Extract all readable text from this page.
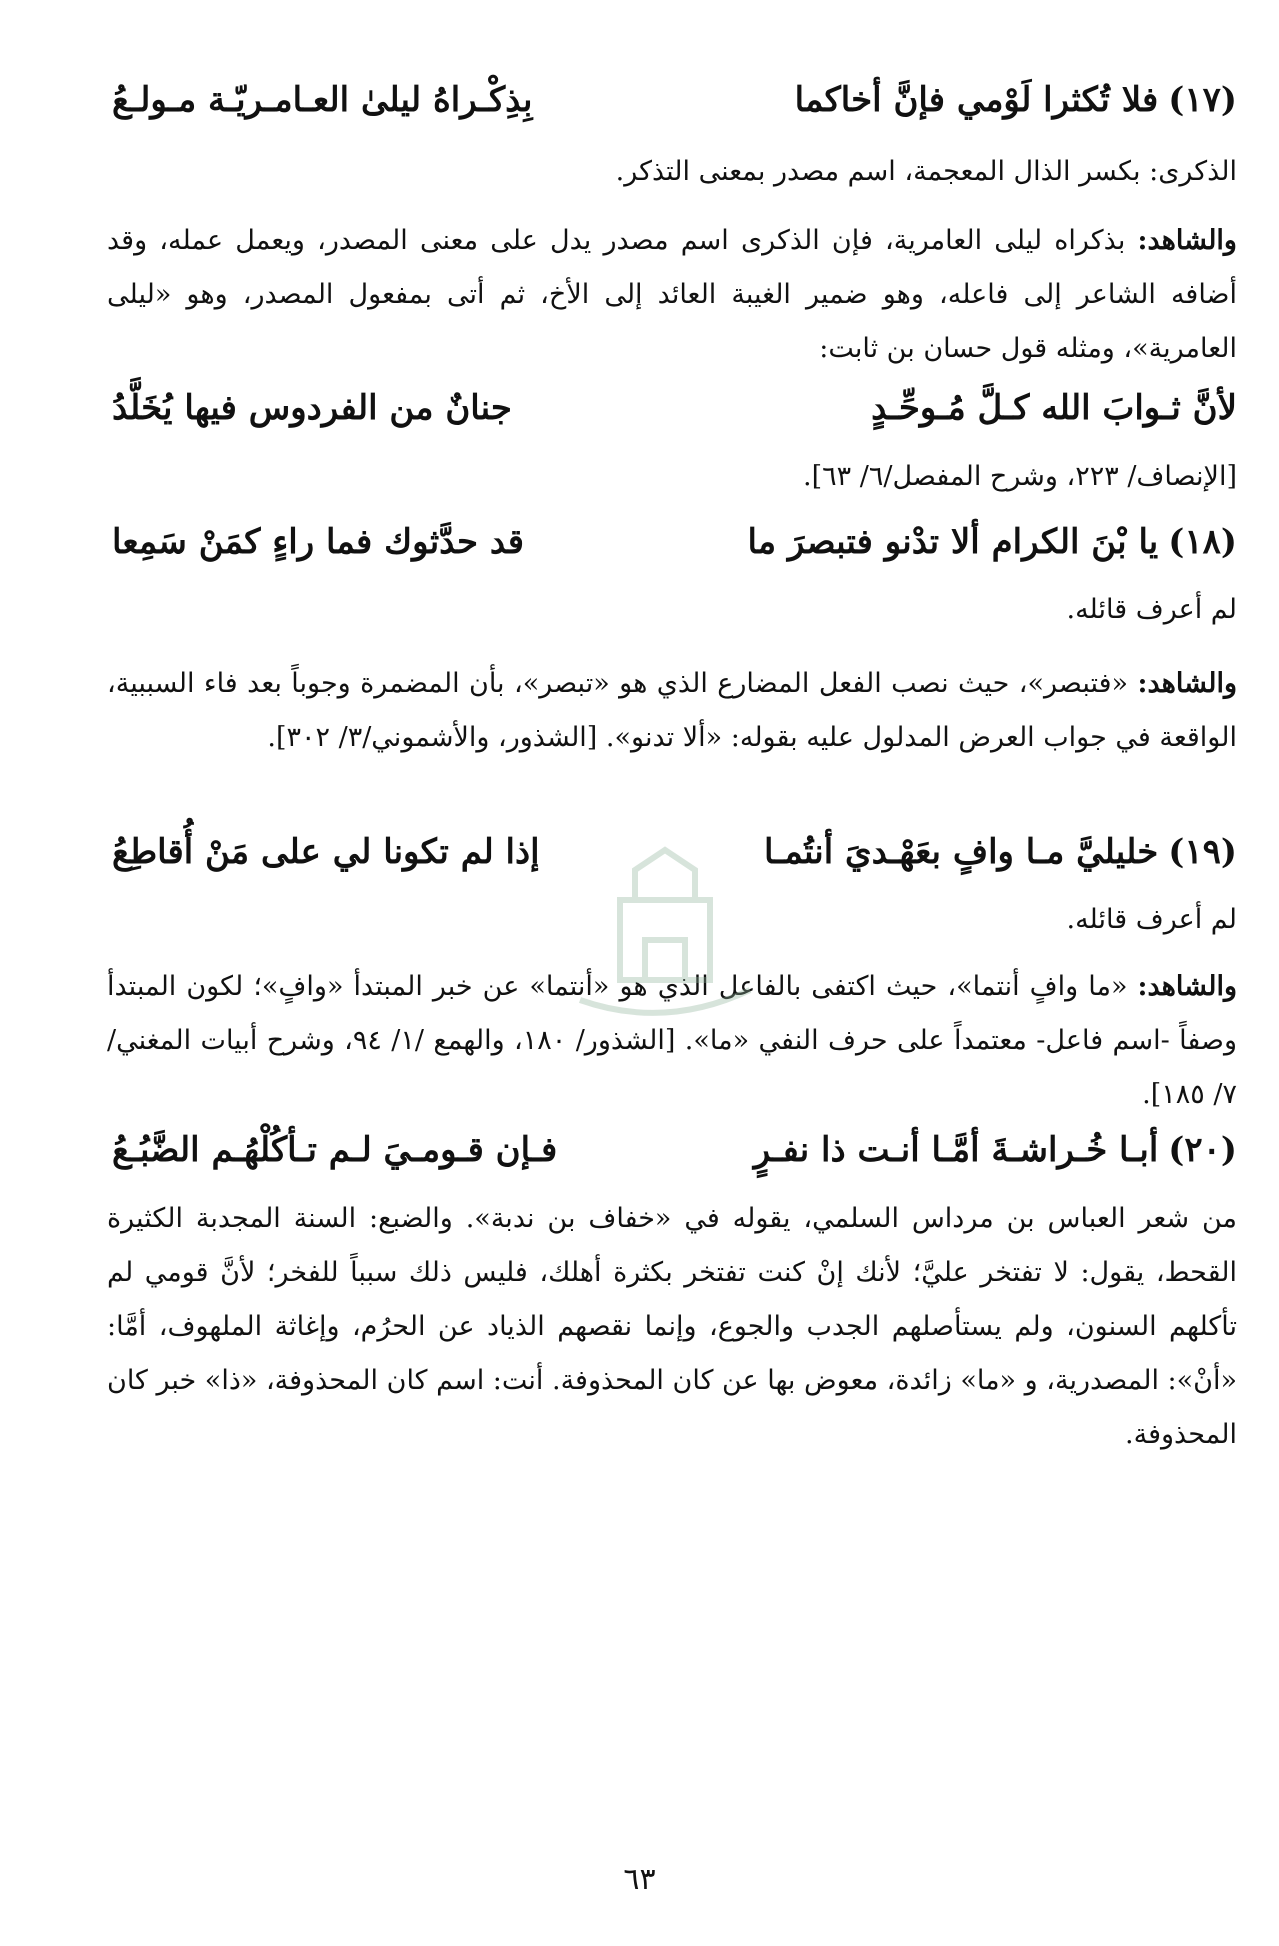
(١٧)
فلا تُكثرا لَوْمي فإنَّ أخاكما
بِذِكْـراهُ ليلىٰ العـامـريّـة مـولـعُ
الذكرى: بكسر الذال المعجمة، اسم مصدر بمعنى التذكر.
والشاهد: بذكراه ليلى العامرية، فإن الذكرى اسم مصدر يدل على معنى المصدر، ويعمل عمله، وقد أضافه الشاعر إلى فاعله، وهو ضمير الغيبة العائد إلى الأخ، ثم أتى بمفعول المصدر، وهو «ليلى العامرية»، ومثله قول حسان بن ثابت:
لأنَّ ثـوابَ الله كـلَّ مُـوحِّـدٍ
جنانٌ من الفردوس فيها يُخَلَّدُ
[الإنصاف/ ٢٢٣، وشرح المفصل/٦/ ٦٣].
(١٨)
يا بْنَ الكرام ألا تدْنو فتبصرَ ما
قد حدَّثوك فما راءٍ كمَنْ سَمِعا
لم أعرف قائله.
والشاهد: «فتبصر»، حيث نصب الفعل المضارع الذي هو «تبصر»، بأن المضمرة وجوباً بعد فاء السببية، الواقعة في جواب العرض المدلول عليه بقوله: «ألا تدنو». [الشذور، والأشموني/٣/ ٣٠٢].
(١٩)
خليليَّ مـا وافٍ بعَهْـديَ أنتُمـا
إذا لم تكونا لي على مَنْ أُقاطِعُ
لم أعرف قائله.
والشاهد: «ما وافٍ أنتما»، حيث اكتفى بالفاعل الذي هو «أنتما» عن خبر المبتدأ «وافٍ»؛ لكون المبتدأ وصفاً -اسم فاعل- معتمداً على حرف النفي «ما». [الشذور/ ١٨٠، والهمع /١/ ٩٤، وشرح أبيات المغني/٧/ ١٨٥].
(٢٠)
أبـا خُـراشـةَ أمَّـا أنـت ذا نفـرٍ
فـإن قـومـيَ لـم تـأكُلْهُـم الضَّبُـعُ
من شعر العباس بن مرداس السلمي، يقوله في «خفاف بن ندبة». والضبع: السنة المجدبة الكثيرة القحط، يقول: لا تفتخر عليَّ؛ لأنك إنْ كنت تفتخر بكثرة أهلك، فليس ذلك سبباً للفخر؛ لأنَّ قومي لم تأكلهم السنون، ولم يستأصلهم الجدب والجوع، وإنما نقصهم الذياد عن الحرُم، وإغاثة الملهوف، أمَّا: «أنْ»: المصدرية، و «ما» زائدة، معوض بها عن كان المحذوفة. أنت: اسم كان المحذوفة، «ذا» خبر كان المحذوفة.
٦٣
